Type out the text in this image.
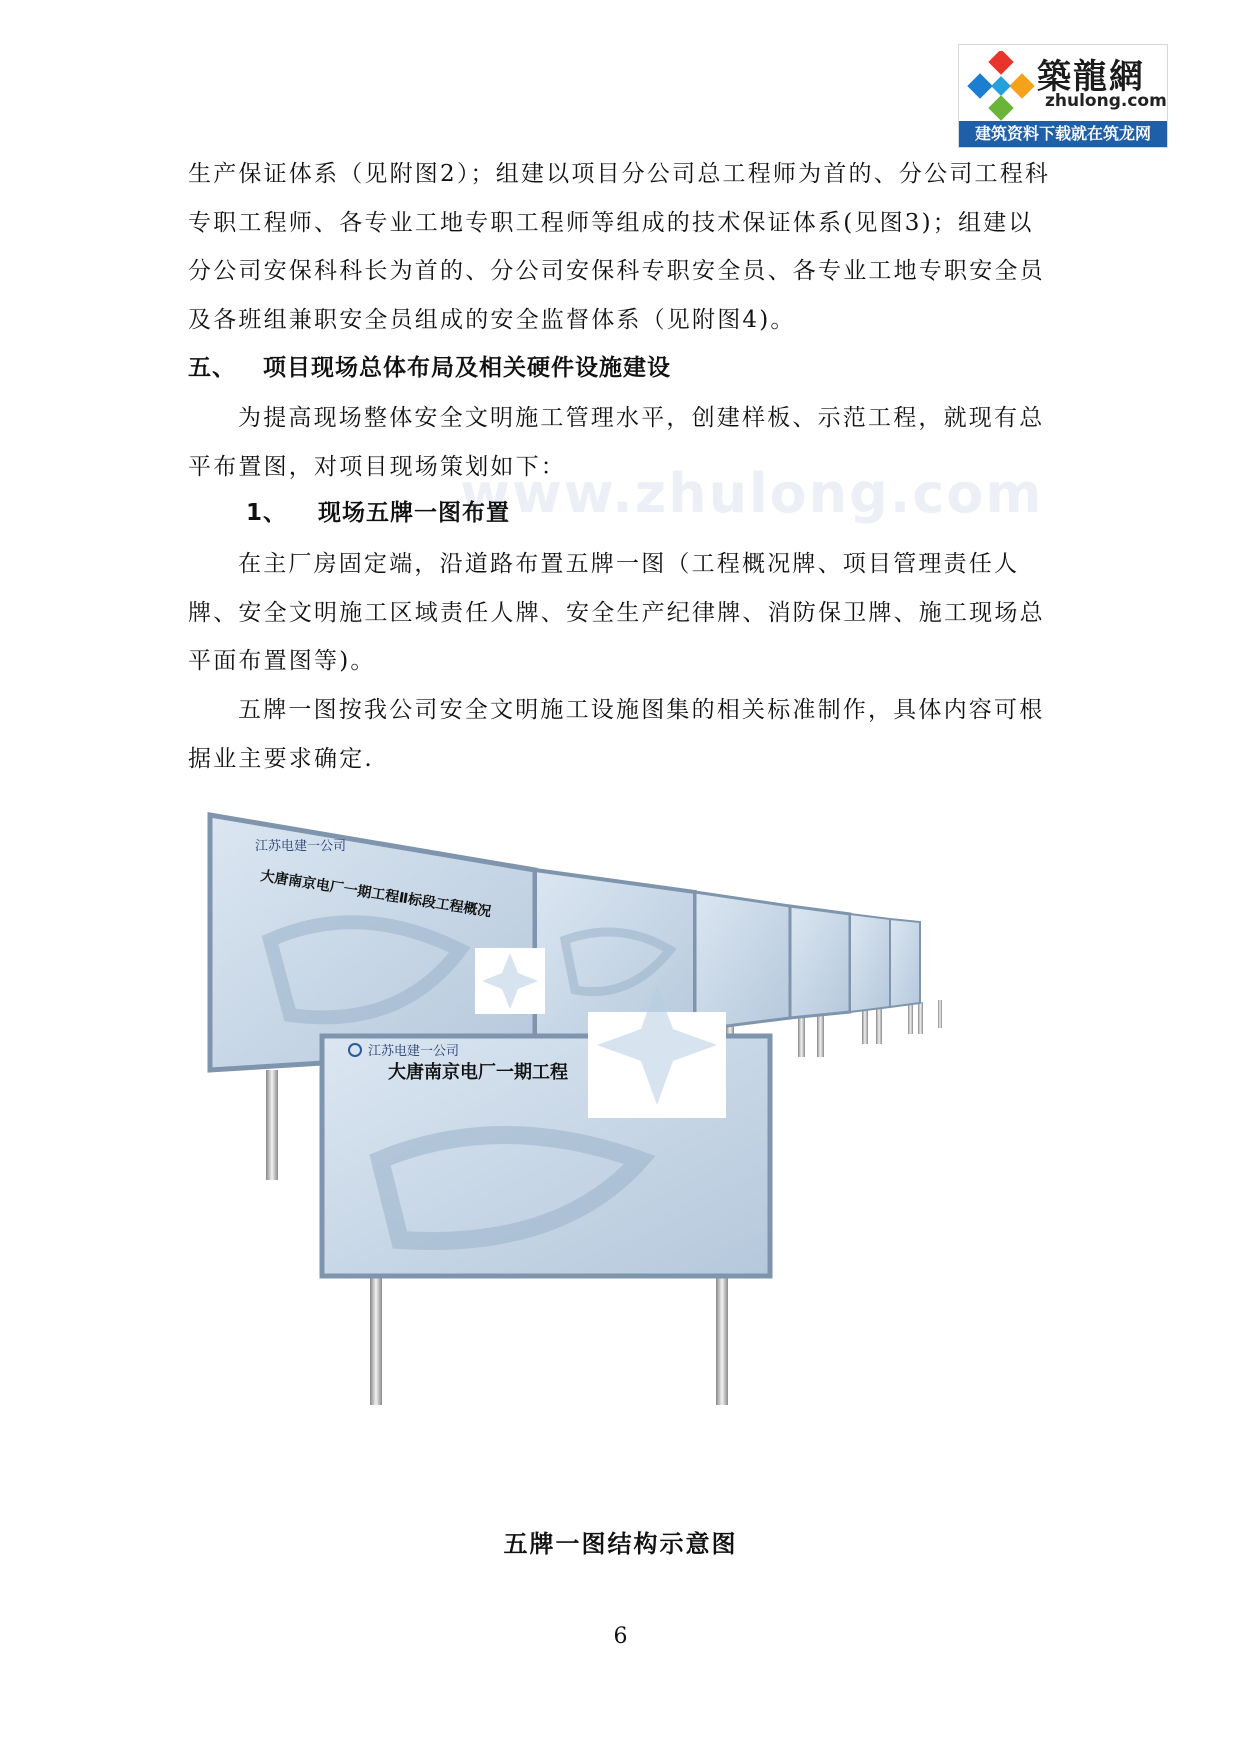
築龍網
zhulong.com
建筑资料下载就在筑龙网

生产保证体系（见附图2）；组建以项目分公司总工程师为首的、分公司工程科专职工程师、各专业工地专职工程师等组成的技术保证体系(见图3)；组建以分公司安保科科长为首的、分公司安保科专职安全员、各专业工地专职安全员及各班组兼职安全员组成的安全监督体系（见附图4)。

五、 项目现场总体布局及相关硬件设施建设

为提高现场整体安全文明施工管理水平，创建样板、示范工程，就现有总平布置图，对项目现场策划如下：

www.zhulong.com
1、 现场五牌一图布置

在主厂房固定端，沿道路布置五牌一图（工程概况牌、项目管理责任人牌、安全文明施工区域责任人牌、安全生产纪律牌、消防保卫牌、施工现场总平面布置图等)。

五牌一图按我公司安全文明施工设施图集的相关标准制作，具体内容可根据业主要求确定.

江苏电建一公司
大唐南京电厂一期工程Ⅱ标段工程概况
江苏电建一公司
大唐南京电厂一期工程
五牌一图结构示意图
6
